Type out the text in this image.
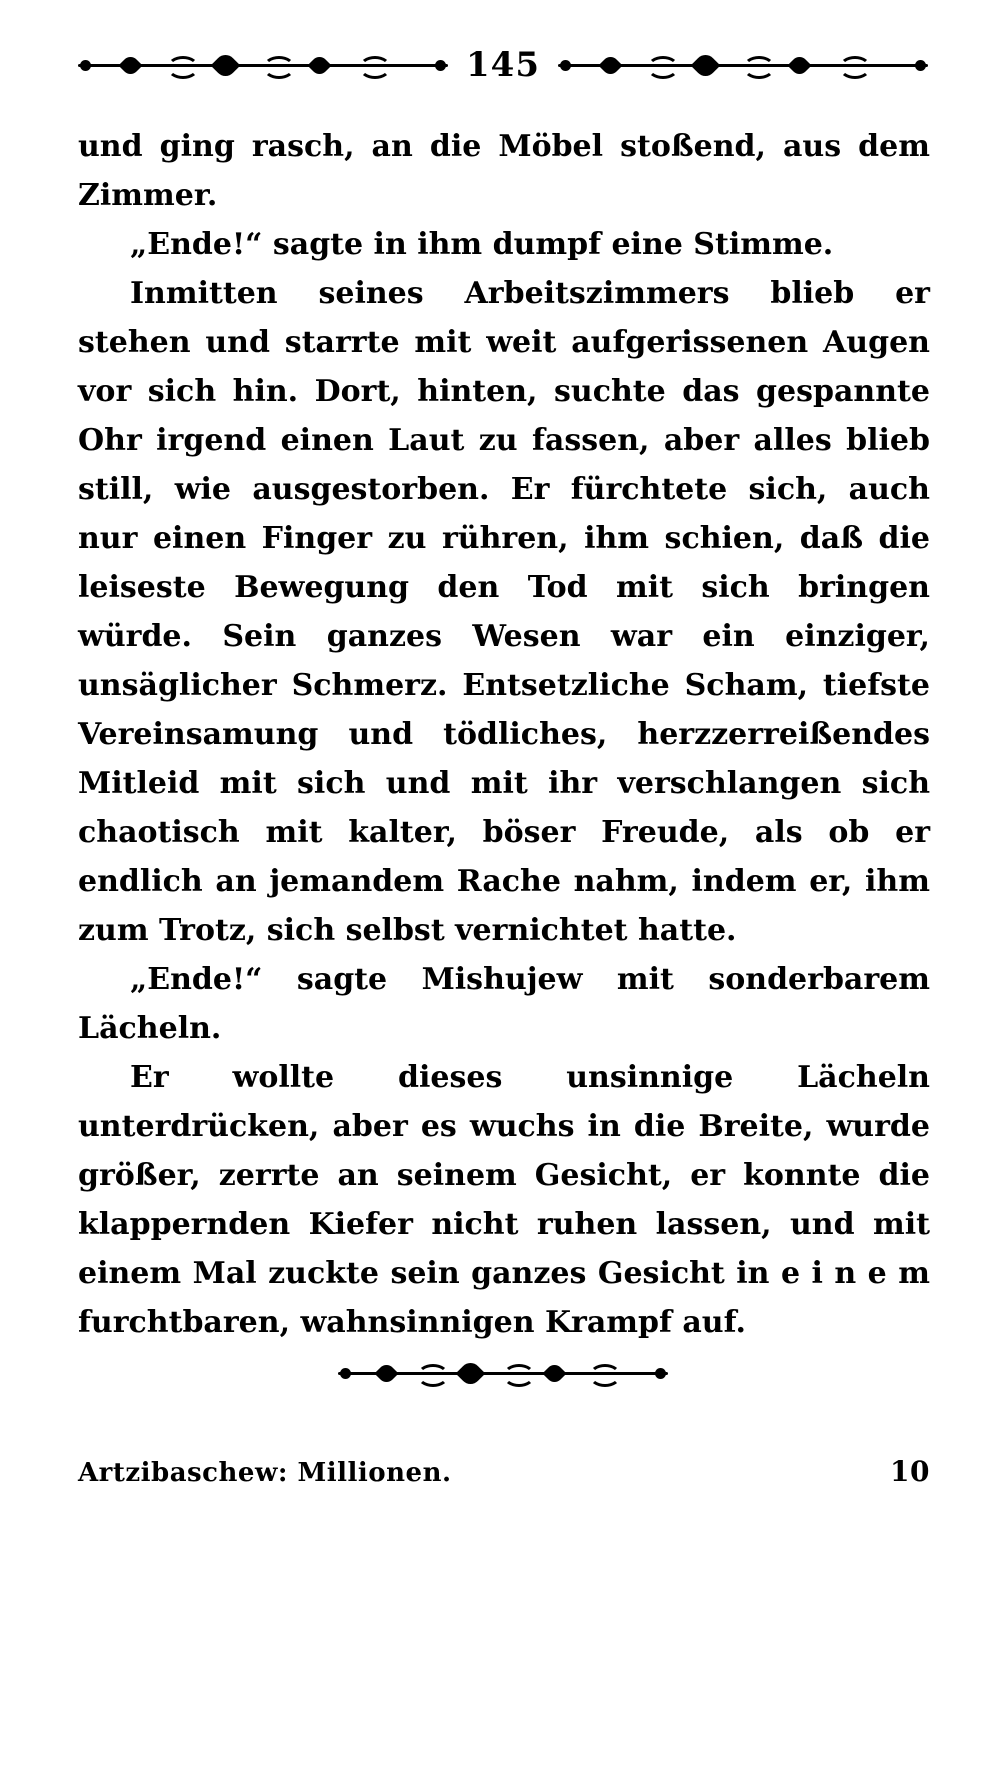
145

und ging rasch, an die Möbel stoßend, aus dem Zimmer.

„Ende!“ sagte in ihm dumpf eine Stimme.

Inmitten seines Arbeitszimmers blieb er stehen und starrte mit weit aufgerissenen Augen vor sich hin. Dort, hinten, suchte das gespannte Ohr irgend einen Laut zu fassen, aber alles blieb still, wie ausgestorben. Er fürchtete sich, auch nur einen Finger zu rühren, ihm schien, daß die leiseste Bewegung den Tod mit sich bringen würde. Sein ganzes Wesen war ein einziger, unsäglicher Schmerz. Entsetzliche Scham, tiefste Vereinsamung und tödliches, herzzerreißendes Mitleid mit sich und mit ihr verschlangen sich chaotisch mit kalter, böser Freude, als ob er endlich an jemandem Rache nahm, indem er, ihm zum Trotz, sich selbst vernichtet hatte.

„Ende!“ sagte Mishujew mit sonderbarem Lächeln.

Er wollte dieses unsinnige Lächeln unterdrücken, aber es wuchs in die Breite, wurde größer, zerrte an seinem Gesicht, er konnte die klappernden Kiefer nicht ruhen lassen, und mit einem Mal zuckte sein ganzes Gesicht in e i n e m furchtbaren, wahnsinnigen Krampf auf.

Artzibaschew: Millionen.	10
